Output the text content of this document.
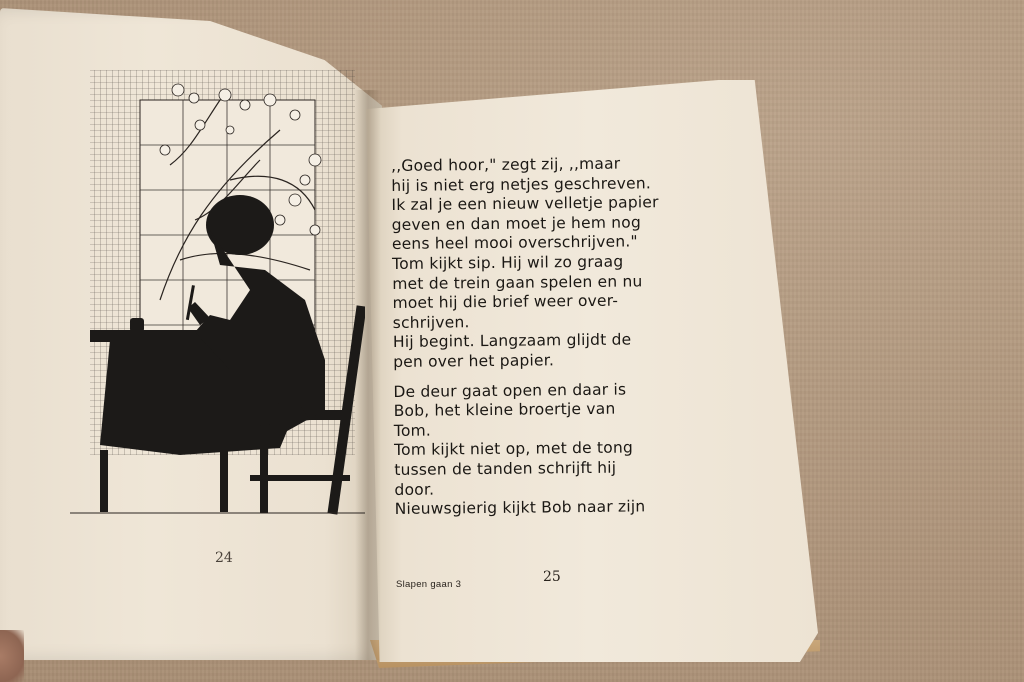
24
,,Goed hoor," zegt zij, ,,maar
hij is niet erg netjes geschreven.
Ik zal je een nieuw velletje papier
geven en dan moet je hem nog
eens heel mooi overschrijven."
Tom kijkt sip. Hij wil zo graag
met de trein gaan spelen en nu
moet hij die brief weer over-
schrijven.
Hij begint. Langzaam glijdt de
pen over het papier.
De deur gaat open en daar is
Bob, het kleine broertje van
Tom.
Tom kijkt niet op, met de tong
tussen de tanden schrijft hij
door.
Nieuwsgierig kijkt Bob naar zijn
Slapen gaan 3	25
